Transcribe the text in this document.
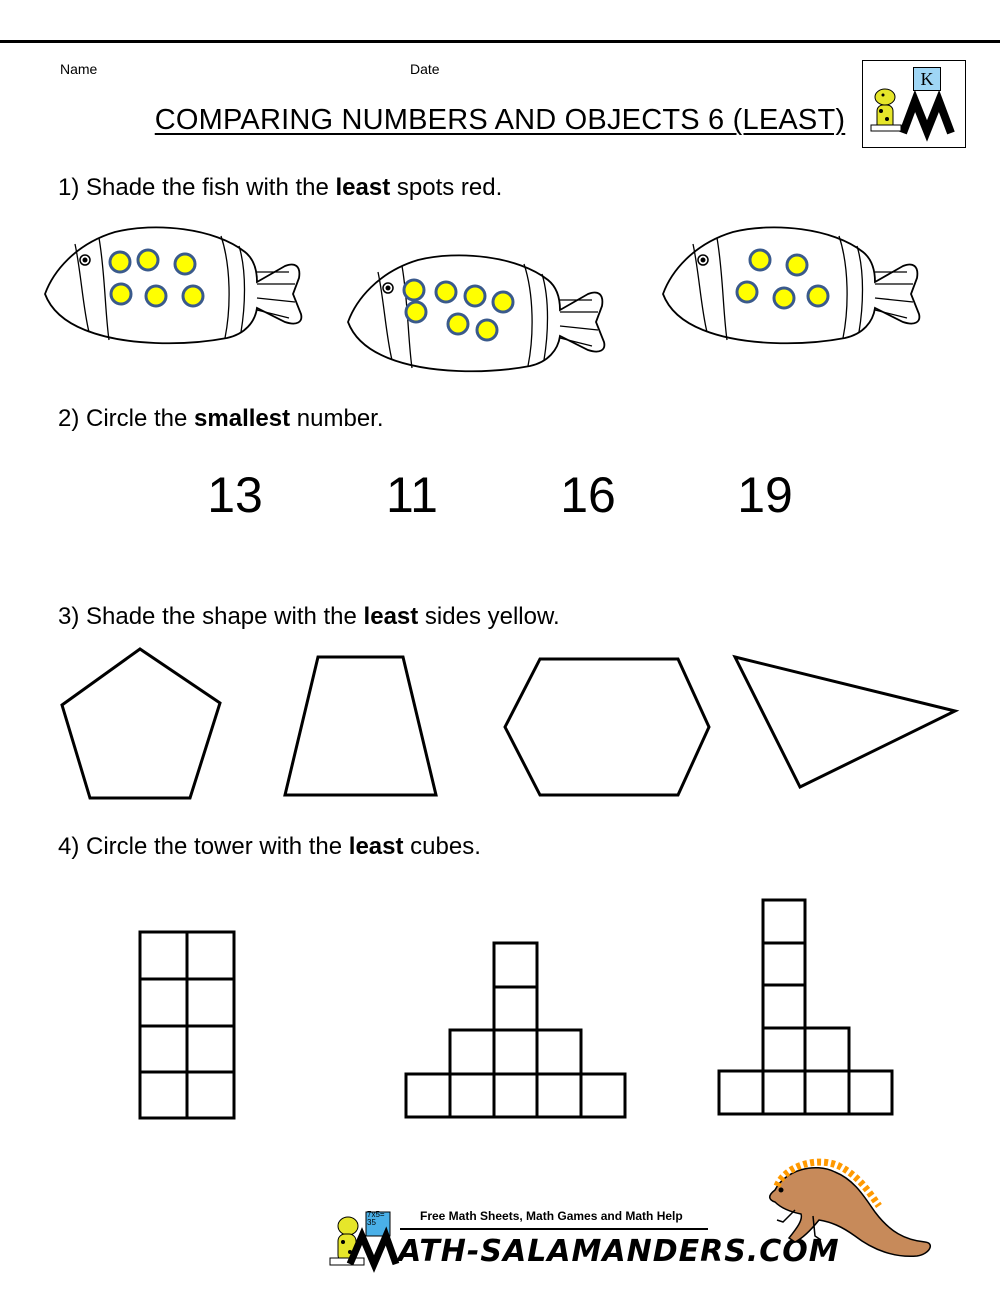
Name	Date	K
COMPARING NUMBERS AND OBJECTS 6 (LEAST)
1) Shade the fish with the least spots red.
2) Circle the smallest number.
13	11	16	19
3) Shade the shape with the least sides yellow.
4) Circle the tower with the least cubes.
7x5= 35	Free Math Sheets, Math Games and Math Help
ATH-SALAMANDERS.COM
